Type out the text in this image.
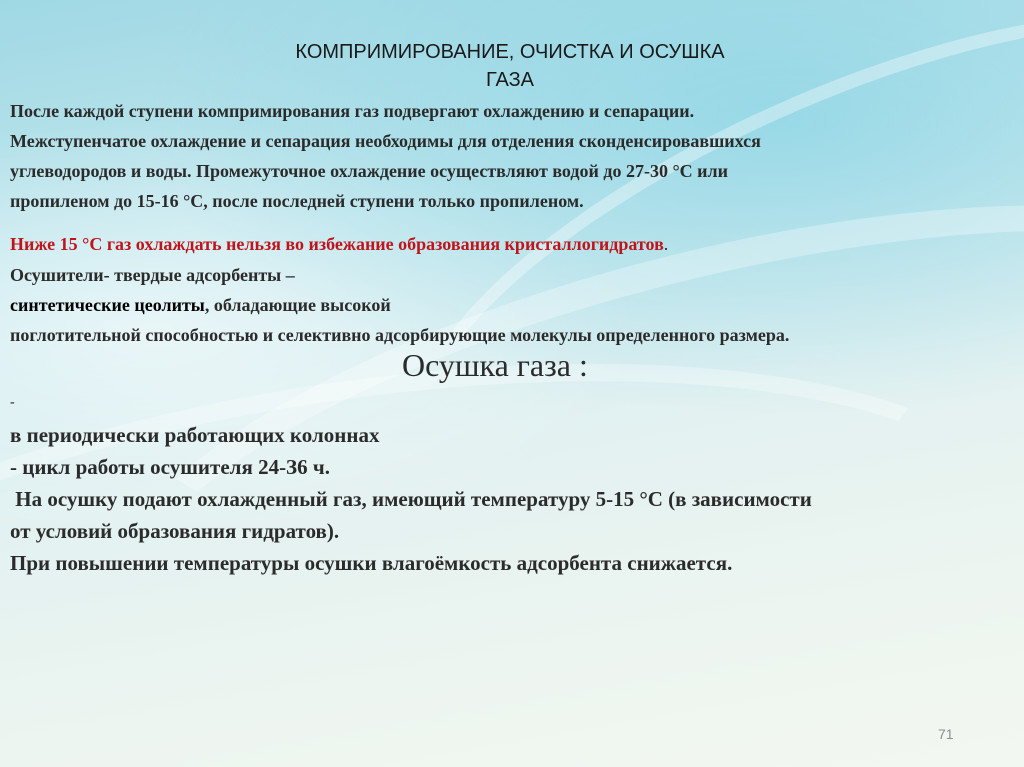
КОМПРИМИРОВАНИЕ, ОЧИСТКА И ОСУШКА
ГАЗА
После каждой ступени компримирования газ подвергают охлаждению и сепарации.
Межступенчатое охлаждение и сепарация необходимы для отделения сконденсировавшихся
углеводородов и воды. Промежуточное охлаждение осуществляют водой до 27-30 °С или
пропиленом до 15-16 °С, после последней ступени только пропиленом.
Ниже 15 °С газ охлаждать нельзя во избежание образования кристаллогидратов.
Осушители- твердые адсорбенты –
синтетические цеолиты, обладающие высокой
поглотительной способностью и селективно адсорбирующие молекулы определенного размера.
Осушка газа :
-
в периодически работающих колоннах
- цикл работы осушителя 24-З6 ч.
На осушку подают охлажденный газ, имеющий температуру 5-15 °С (в зависимости
от условий образования гидратов).
При повышении температуры осушки влагоёмкость адсорбента снижается.
71
